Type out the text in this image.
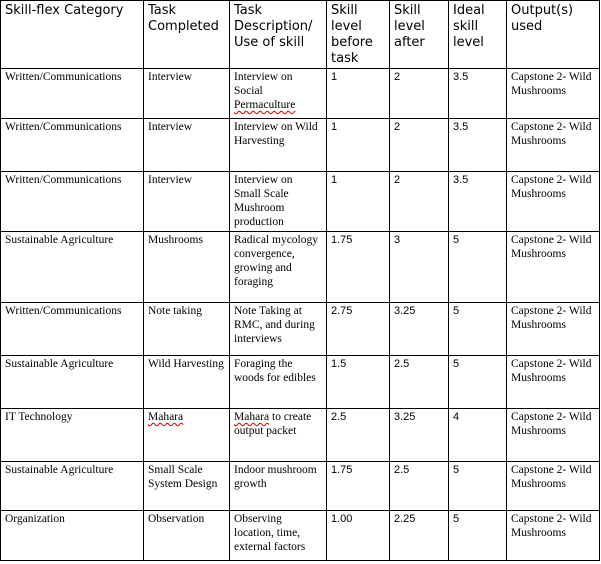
Skill-flex Category	Task Completed	Task Description/ Use of skill	Skill level before task	Skill level after	Ideal skill level	Output(s) used
Written/Communications	Interview	Interview on Social Permaculture	1	2	3.5	Capstone 2- Wild Mushrooms
Written/Communications	Interview	Interview on Wild Harvesting	1	2	3.5	Capstone 2- Wild Mushrooms
Written/Communications	Interview	Interview on Small Scale Mushroom production	1	2	3.5	Capstone 2- Wild Mushrooms
Sustainable Agriculture	Mushrooms	Radical mycology convergence, growing and foraging	1.75	3	5	Capstone 2- Wild Mushrooms
Written/Communications	Note taking	Note Taking at RMC, and during interviews	2.75	3.25	5	Capstone 2- Wild Mushrooms
Sustainable Agriculture	Wild Harvesting	Foraging the woods for edibles	1.5	2.5	5	Capstone 2- Wild Mushrooms
IT Technology	Mahara	Mahara to create output packet	2.5	3.25	4	Capstone 2- Wild Mushrooms
Sustainable Agriculture	Small Scale System Design	Indoor mushroom growth	1.75	2.5	5	Capstone 2- Wild Mushrooms
Organization	Observation	Observing location, time, external factors	1.00	2.25	5	Capstone 2- Wild Mushrooms
